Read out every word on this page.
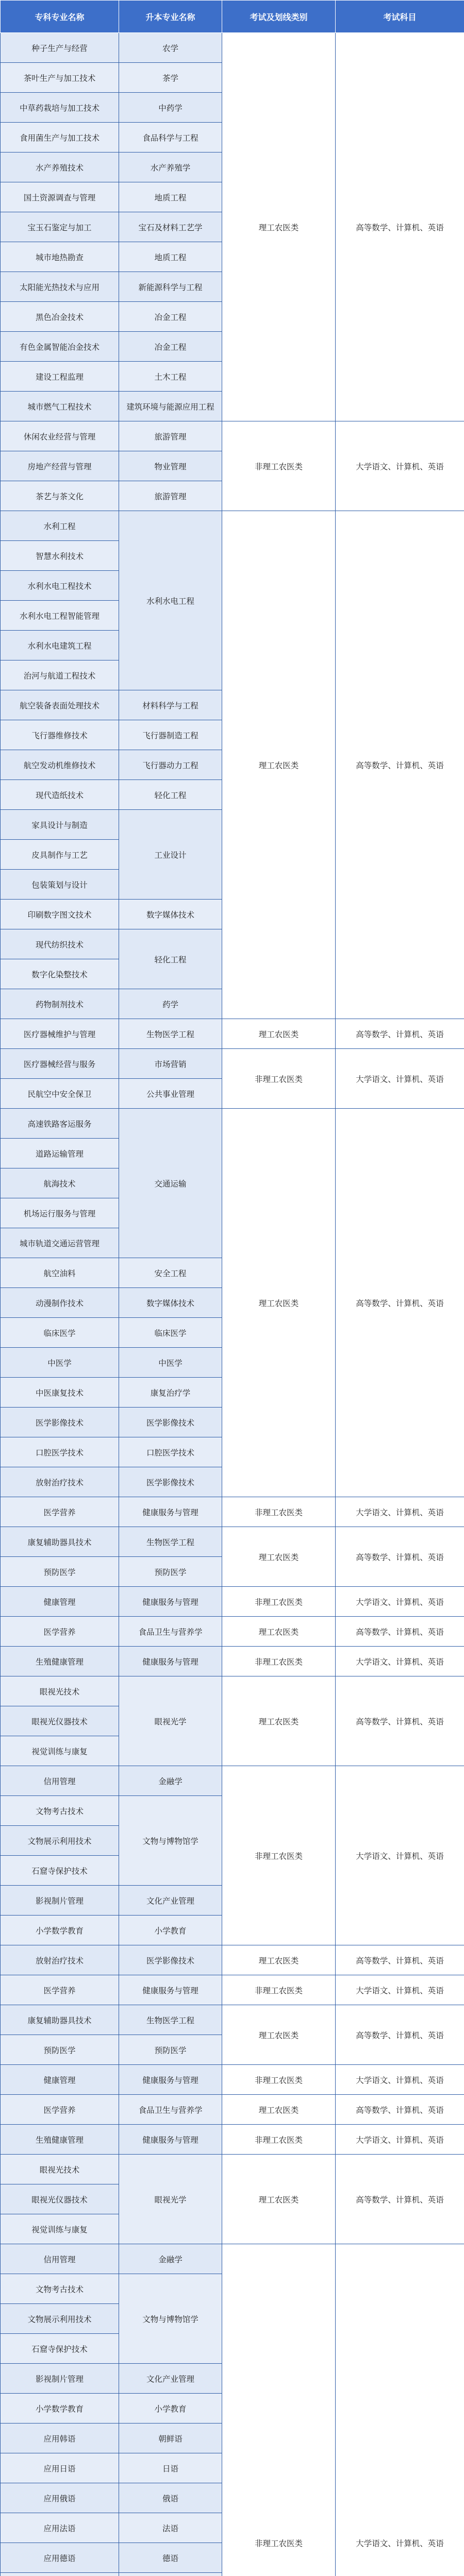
专科专业名称	升本专业名称	考试及划线类别	考试科目
种子生产与经营	农学	理工农医类	高等数学、计算机、英语
茶叶生产与加工技术	茶学		
中草药栽培与加工技术	中药学		
食用菌生产与加工技术	食品科学与工程		
水产养殖技术	水产养殖学		
国土资源调查与管理	地质工程		
宝玉石鉴定与加工	宝石及材料工艺学		
城市地热勘查	地质工程		
太阳能光热技术与应用	新能源科学与工程		
黑色冶金技术	冶金工程		
有色金属智能冶金技术	冶金工程		
建设工程监理	土木工程		
城市燃气工程技术	建筑环境与能源应用工程		
休闲农业经营与管理	旅游管理	非理工农医类	大学语文、计算机、英语
房地产经营与管理	物业管理		
茶艺与茶文化	旅游管理		
水利工程	水利水电工程	理工农医类	高等数学、计算机、英语
智慧水利技术			
水利水电工程技术			
水利水电工程智能管理			
水利水电建筑工程			
治河与航道工程技术			
航空装备表面处理技术	材料科学与工程		
飞行器维修技术	飞行器制造工程		
航空发动机维修技术	飞行器动力工程		
现代造纸技术	轻化工程		
家具设计与制造	工业设计		
皮具制作与工艺			
包装策划与设计			
印刷数字图文技术	数字媒体技术		
现代纺织技术	轻化工程		
数字化染整技术			
药物制剂技术	药学		
医疗器械维护与管理	生物医学工程	理工农医类	高等数学、计算机、英语
医疗器械经营与服务	市场营销	非理工农医类	大学语文、计算机、英语
民航空中安全保卫	公共事业管理		
高速铁路客运服务	交通运输	理工农医类	高等数学、计算机、英语
道路运输管理			
航海技术			
机场运行服务与管理			
城市轨道交通运营管理			
航空油料	安全工程		
动漫制作技术	数字媒体技术		
临床医学	临床医学		
中医学	中医学		
中医康复技术	康复治疗学		
医学影像技术	医学影像技术		
口腔医学技术	口腔医学技术		
放射治疗技术	医学影像技术		
医学营养	健康服务与管理	非理工农医类	大学语文、计算机、英语
康复辅助器具技术	生物医学工程	理工农医类	高等数学、计算机、英语
预防医学	预防医学		
健康管理	健康服务与管理	非理工农医类	大学语文、计算机、英语
医学营养	食品卫生与营养学	理工农医类	高等数学、计算机、英语
生殖健康管理	健康服务与管理	非理工农医类	大学语文、计算机、英语
眼视光技术	眼视光学	理工农医类	高等数学、计算机、英语
眼视光仪器技术			
视觉训练与康复			
信用管理	金融学	非理工农医类	大学语文、计算机、英语
文物考古技术	文物与博物馆学		
文物展示利用技术			
石窟寺保护技术			
影视制片管理	文化产业管理		
小学数学教育	小学教育		
放射治疗技术	医学影像技术	理工农医类	高等数学、计算机、英语
医学营养	健康服务与管理	非理工农医类	大学语文、计算机、英语
康复辅助器具技术	生物医学工程	理工农医类	高等数学、计算机、英语
预防医学	预防医学		
健康管理	健康服务与管理	非理工农医类	大学语文、计算机、英语
医学营养	食品卫生与营养学	理工农医类	高等数学、计算机、英语
生殖健康管理	健康服务与管理	非理工农医类	大学语文、计算机、英语
眼视光技术	眼视光学	理工农医类	高等数学、计算机、英语
眼视光仪器技术			
视觉训练与康复			
信用管理	金融学	非理工农医类	大学语文、计算机、英语
文物考古技术	文物与博物馆学		
文物展示利用技术			
石窟寺保护技术			
影视制片管理	文化产业管理		
小学数学教育	小学教育		
应用韩语	朝鲜语		
应用日语	日语		
应用俄语	俄语		
应用法语	法语		
应用德语	德语		
